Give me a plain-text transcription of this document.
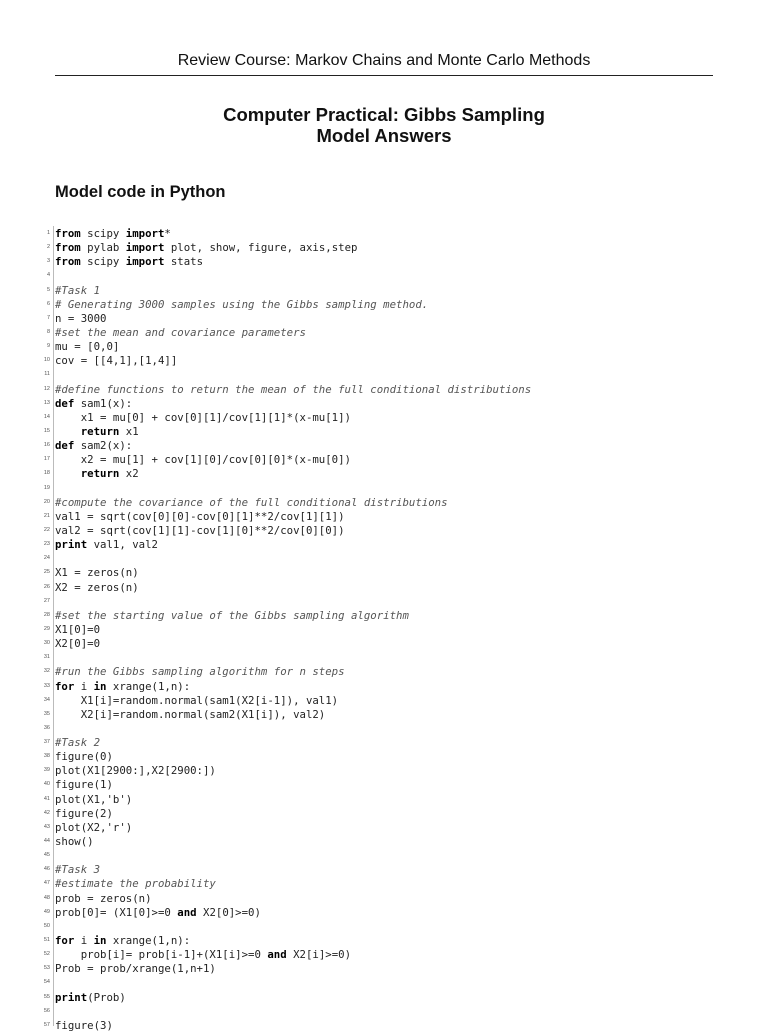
Review Course: Markov Chains and Monte Carlo Methods
Computer Practical: Gibbs Sampling
Model Answers
Model code in Python
1 from scipy import*
2 from pylab import plot, show, figure, axis,step
3 from scipy import stats
4
5 #Task 1
6 # Generating 3000 samples using the Gibbs sampling method.
7 n = 3000
8 #set the mean and covariance parameters
9 mu = [0,0]
10 cov = [[4,1],[1,4]]
11
12 #define functions to return the mean of the full conditional distributions
13 def sam1(x):
14 x1 = mu[0] + cov[0][1]/cov[1][1]*(x-mu[1])
15	return x1
16 def sam2(x):
17 x2 = mu[1] + cov[1][0]/cov[0][0]*(x-mu[0])
18	return x2
19
20 #compute the covariance of the full conditional distributions
21 val1 = sqrt(cov[0][0]-cov[0][1]**2/cov[1][1])
22 val2 = sqrt(cov[1][1]-cov[1][0]**2/cov[0][0])
23 print val1, val2
24
25 X1 = zeros(n)
26 X2 = zeros(n)
27
28 #set the starting value of the Gibbs sampling algorithm
29 X1[0]=0
30 X2[0]=0
31
32 #run the Gibbs sampling algorithm for n steps
33 for i in xrange(1,n):
34 X1[i]=random.normal(sam1(X2[i-1]), val1)
35 X2[i]=random.normal(sam2(X1[i]), val2)
36
37 #Task 2
38 figure(0)
39 plot(X1[2900:],X2[2900:])
40 figure(1)
41 plot(X1,'b')
42 figure(2)
43 plot(X2,'r')
44 show()
45
46 #Task 3
47 #estimate the probability
48 prob = zeros(n)
49 prob[0]= (X1[0]>=0 and X2[0]>=0)
50
51 for i in xrange(1,n):
52 prob[i]= prob[i-1]+(X1[i]>=0 and X2[i]>=0)
53 Prob = prob/xrange(1,n+1)
54
55 print(Prob)
56
57 figure(3)
